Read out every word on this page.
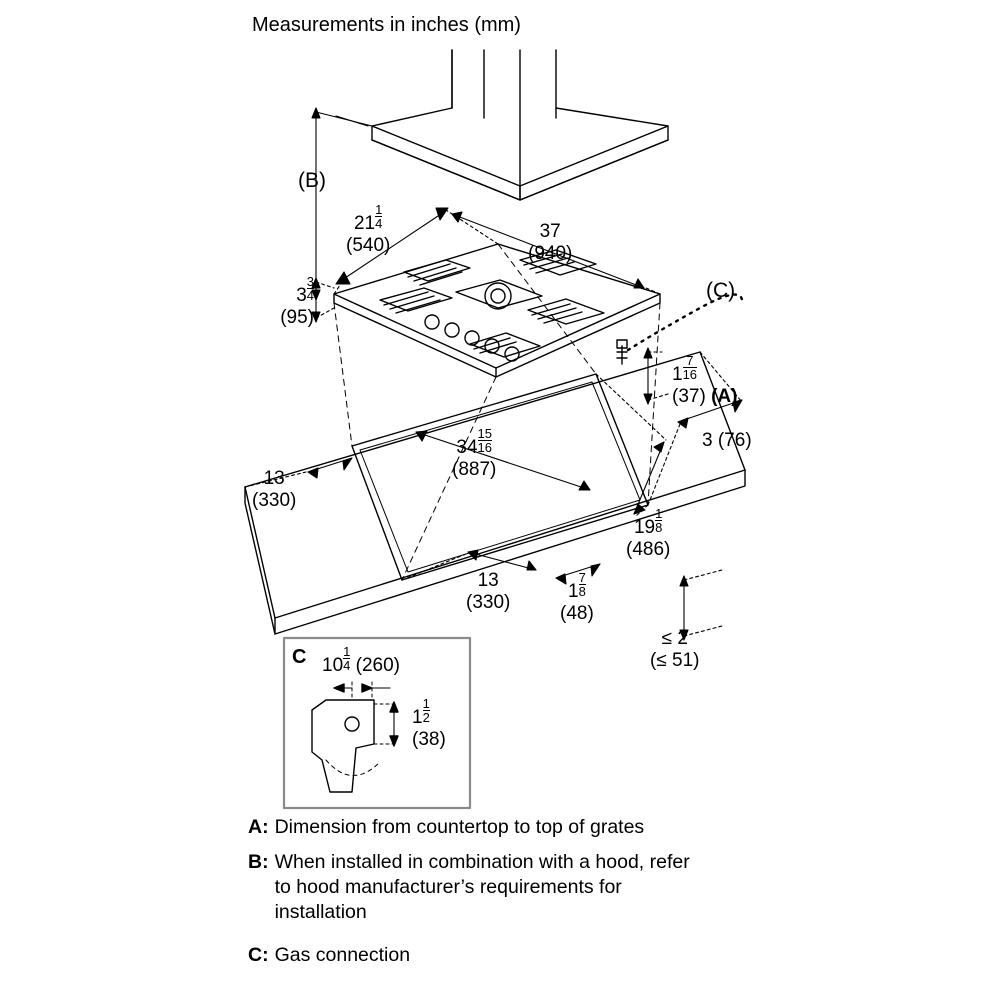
Measurements in inches (mm)
(B)
$21 \frac{1}{4}$

(540)
37
(940)
$3 \frac{3}{4}$

(95)
(C)
$1 \frac{7}{16}$

(37) (A)
$34 \frac{15}{16}$

(887)
3 (76)
13
(330)
$19 \frac{1}{8}$

(486)
13
(330)
$1 \frac{7}{8}$

(48)
≤ 2
(≤ 51)
C $10 \frac{1}{4} (260)$
$1 \frac{1}{2}$

(38)
A: Dimension from countertop to top of grates
B: When installed in combination with a hood, refer to hood manufacturer’s requirements for installation
C: Gas connection
